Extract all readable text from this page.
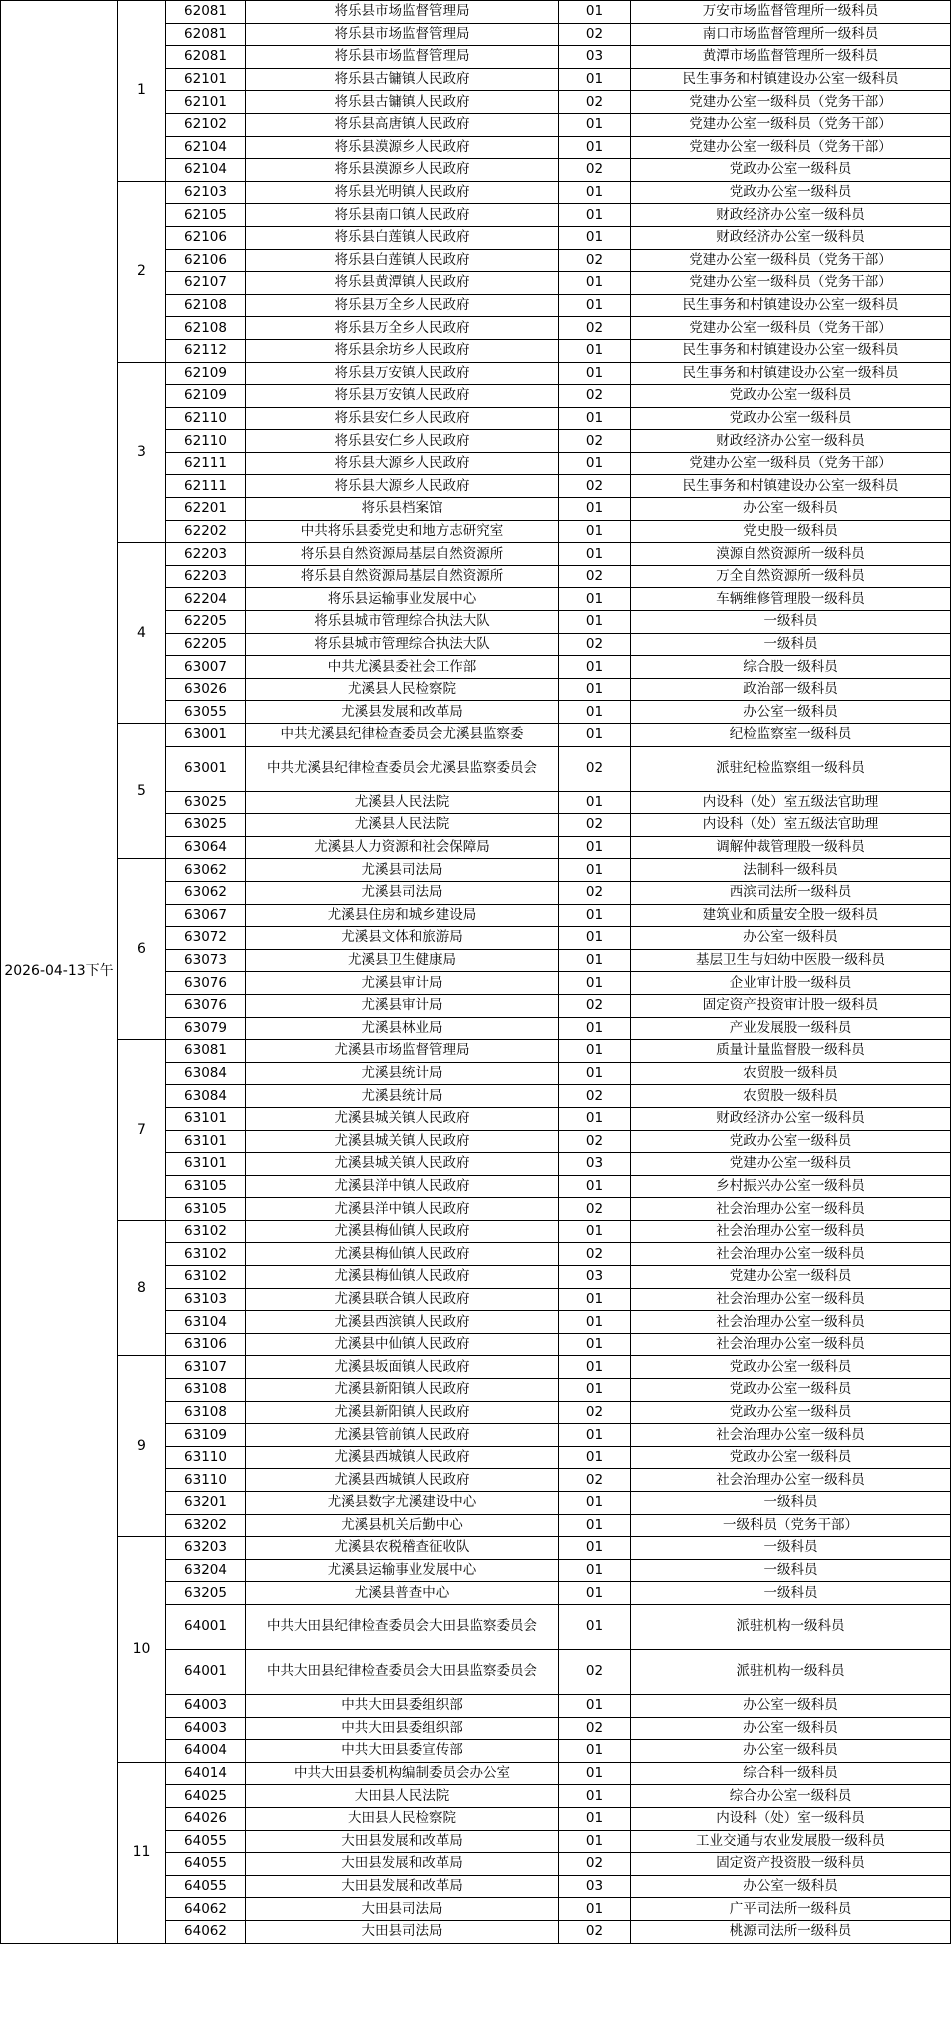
2026-04-13下午	1	62081	将乐县市场监督管理局	01	万安市场监督管理所一级科员
		62081	将乐县市场监督管理局	02	南口市场监督管理所一级科员
		62081	将乐县市场监督管理局	03	黄潭市场监督管理所一级科员
		62101	将乐县古镛镇人民政府	01	民生事务和村镇建设办公室一级科员
		62101	将乐县古镛镇人民政府	02	党建办公室一级科员（党务干部）
		62102	将乐县高唐镇人民政府	01	党建办公室一级科员（党务干部）
		62104	将乐县漠源乡人民政府	01	党建办公室一级科员（党务干部）
		62104	将乐县漠源乡人民政府	02	党政办公室一级科员
	2	62103	将乐县光明镇人民政府	01	党政办公室一级科员
		62105	将乐县南口镇人民政府	01	财政经济办公室一级科员
		62106	将乐县白莲镇人民政府	01	财政经济办公室一级科员
		62106	将乐县白莲镇人民政府	02	党建办公室一级科员（党务干部）
		62107	将乐县黄潭镇人民政府	01	党建办公室一级科员（党务干部）
		62108	将乐县万全乡人民政府	01	民生事务和村镇建设办公室一级科员
		62108	将乐县万全乡人民政府	02	党建办公室一级科员（党务干部）
		62112	将乐县余坊乡人民政府	01	民生事务和村镇建设办公室一级科员
	3	62109	将乐县万安镇人民政府	01	民生事务和村镇建设办公室一级科员
		62109	将乐县万安镇人民政府	02	党政办公室一级科员
		62110	将乐县安仁乡人民政府	01	党政办公室一级科员
		62110	将乐县安仁乡人民政府	02	财政经济办公室一级科员
		62111	将乐县大源乡人民政府	01	党建办公室一级科员（党务干部）
		62111	将乐县大源乡人民政府	02	民生事务和村镇建设办公室一级科员
		62201	将乐县档案馆	01	办公室一级科员
		62202	中共将乐县委党史和地方志研究室	01	党史股一级科员
	4	62203	将乐县自然资源局基层自然资源所	01	漠源自然资源所一级科员
		62203	将乐县自然资源局基层自然资源所	02	万全自然资源所一级科员
		62204	将乐县运输事业发展中心	01	车辆维修管理股一级科员
		62205	将乐县城市管理综合执法大队	01	一级科员
		62205	将乐县城市管理综合执法大队	02	一级科员
		63007	中共尤溪县委社会工作部	01	综合股一级科员
		63026	尤溪县人民检察院	01	政治部一级科员
		63055	尤溪县发展和改革局	01	办公室一级科员
	5	63001	中共尤溪县纪律检查委员会尤溪县监察委	01	纪检监察室一级科员
		63001	中共尤溪县纪律检查委员会尤溪县监察委员会	02	派驻纪检监察组一级科员
		63025	尤溪县人民法院	01	内设科（处）室五级法官助理
		63025	尤溪县人民法院	02	内设科（处）室五级法官助理
		63064	尤溪县人力资源和社会保障局	01	调解仲裁管理股一级科员
	6	63062	尤溪县司法局	01	法制科一级科员
		63062	尤溪县司法局	02	西滨司法所一级科员
		63067	尤溪县住房和城乡建设局	01	建筑业和质量安全股一级科员
		63072	尤溪县文体和旅游局	01	办公室一级科员
		63073	尤溪县卫生健康局	01	基层卫生与妇幼中医股一级科员
		63076	尤溪县审计局	01	企业审计股一级科员
		63076	尤溪县审计局	02	固定资产投资审计股一级科员
		63079	尤溪县林业局	01	产业发展股一级科员
	7	63081	尤溪县市场监督管理局	01	质量计量监督股一级科员
		63084	尤溪县统计局	01	农贸股一级科员
		63084	尤溪县统计局	02	农贸股一级科员
		63101	尤溪县城关镇人民政府	01	财政经济办公室一级科员
		63101	尤溪县城关镇人民政府	02	党政办公室一级科员
		63101	尤溪县城关镇人民政府	03	党建办公室一级科员
		63105	尤溪县洋中镇人民政府	01	乡村振兴办公室一级科员
		63105	尤溪县洋中镇人民政府	02	社会治理办公室一级科员
	8	63102	尤溪县梅仙镇人民政府	01	社会治理办公室一级科员
		63102	尤溪县梅仙镇人民政府	02	社会治理办公室一级科员
		63102	尤溪县梅仙镇人民政府	03	党建办公室一级科员
		63103	尤溪县联合镇人民政府	01	社会治理办公室一级科员
		63104	尤溪县西滨镇人民政府	01	社会治理办公室一级科员
		63106	尤溪县中仙镇人民政府	01	社会治理办公室一级科员
	9	63107	尤溪县坂面镇人民政府	01	党政办公室一级科员
		63108	尤溪县新阳镇人民政府	01	党政办公室一级科员
		63108	尤溪县新阳镇人民政府	02	党政办公室一级科员
		63109	尤溪县管前镇人民政府	01	社会治理办公室一级科员
		63110	尤溪县西城镇人民政府	01	党政办公室一级科员
		63110	尤溪县西城镇人民政府	02	社会治理办公室一级科员
		63201	尤溪县数字尤溪建设中心	01	一级科员
		63202	尤溪县机关后勤中心	01	一级科员（党务干部）
	10	63203	尤溪县农税稽查征收队	01	一级科员
		63204	尤溪县运输事业发展中心	01	一级科员
		63205	尤溪县普查中心	01	一级科员
		64001	中共大田县纪律检查委员会大田县监察委员会	01	派驻机构一级科员
		64001	中共大田县纪律检查委员会大田县监察委员会	02	派驻机构一级科员
		64003	中共大田县委组织部	01	办公室一级科员
		64003	中共大田县委组织部	02	办公室一级科员
		64004	中共大田县委宣传部	01	办公室一级科员
	11	64014	中共大田县委机构编制委员会办公室	01	综合科一级科员
		64025	大田县人民法院	01	综合办公室一级科员
		64026	大田县人民检察院	01	内设科（处）室一级科员
		64055	大田县发展和改革局	01	工业交通与农业发展股一级科员
		64055	大田县发展和改革局	02	固定资产投资股一级科员
		64055	大田县发展和改革局	03	办公室一级科员
		64062	大田县司法局	01	广平司法所一级科员
		64062	大田县司法局	02	桃源司法所一级科员
